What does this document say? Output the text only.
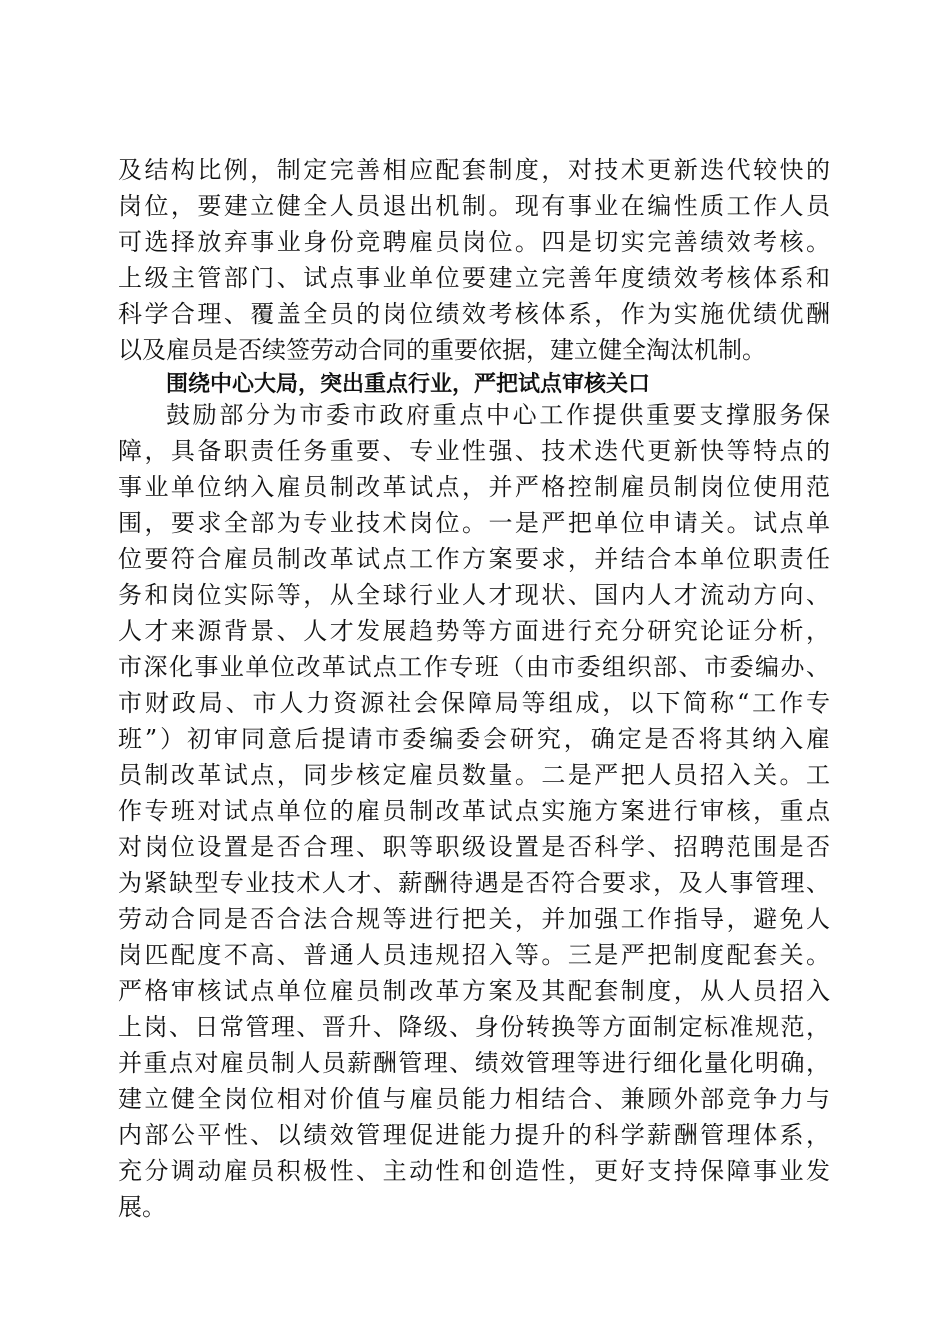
及结构比例，制定完善相应配套制度，对技术更新迭代较快的
岗位，要建立健全人员退出机制。现有事业在编性质工作人员
可选择放弃事业身份竞聘雇员岗位。四是切实完善绩效考核。
上级主管部门、试点事业单位要建立完善年度绩效考核体系和
科学合理、覆盖全员的岗位绩效考核体系，作为实施优绩优酬
以及雇员是否续签劳动合同的重要依据，建立健全淘汰机制。
围绕中心大局，突出重点行业，严把试点审核关口
鼓励部分为市委市政府重点中心工作提供重要支撑服务保
障，具备职责任务重要、专业性强、技术迭代更新快等特点的
事业单位纳入雇员制改革试点，并严格控制雇员制岗位使用范
围，要求全部为专业技术岗位。一是严把单位申请关。试点单
位要符合雇员制改革试点工作方案要求，并结合本单位职责任
务和岗位实际等，从全球行业人才现状、国内人才流动方向、
人才来源背景、人才发展趋势等方面进行充分研究论证分析，
市深化事业单位改革试点工作专班（由市委组织部、市委编办、
市财政局、市人力资源社会保障局等组成，以下简称“工作专
班”）初审同意后提请市委编委会研究，确定是否将其纳入雇
员制改革试点，同步核定雇员数量。二是严把人员招入关。工
作专班对试点单位的雇员制改革试点实施方案进行审核，重点
对岗位设置是否合理、职等职级设置是否科学、招聘范围是否
为紧缺型专业技术人才、薪酬待遇是否符合要求，及人事管理、
劳动合同是否合法合规等进行把关，并加强工作指导，避免人
岗匹配度不高、普通人员违规招入等。三是严把制度配套关。
严格审核试点单位雇员制改革方案及其配套制度，从人员招入
上岗、日常管理、晋升、降级、身份转换等方面制定标准规范，
并重点对雇员制人员薪酬管理、绩效管理等进行细化量化明确，
建立健全岗位相对价值与雇员能力相结合、兼顾外部竞争力与
内部公平性、以绩效管理促进能力提升的科学薪酬管理体系，
充分调动雇员积极性、主动性和创造性，更好支持保障事业发
展。
